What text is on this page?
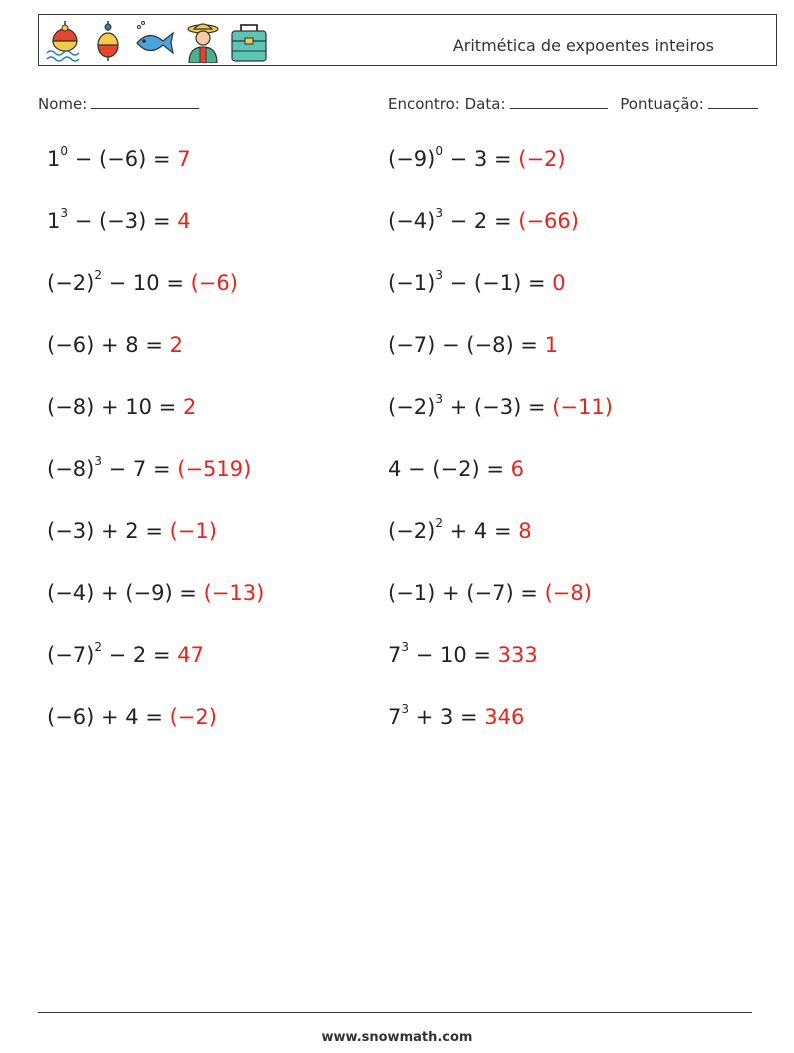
Aritmética de expoentes inteiros
Nome:	Encontro: Data:	Pontuação:
$1^0 - (-6) = 7$	$(-9)^0 - 3 = (-2)$
$1^3 - (-3) = 4$	$(-4)^3 - 2 = (-66)$
$(-2)^2 - 10 = (-6)$	$(-1)^3 - (-1) = 0$
(−6) + 8 = 2	(−7) − (−8) = 1
(−8) + 10 = 2	$(-2)^3 + (-3) = (-11)$
$(-8)^3 - 7 = (-519)$	4 − (−2) = 6
(−3) + 2 = (−1)	$(-2)^2 + 4 = 8$
(−4) + (−9) = (−13)	(−1) + (−7) = (−8)
$(-7)^2 - 2 = 47$	$7^3 - 10 = 333$
(−6) + 4 = (−2)	$7^3 + 3 = 346$
www.snowmath.com
